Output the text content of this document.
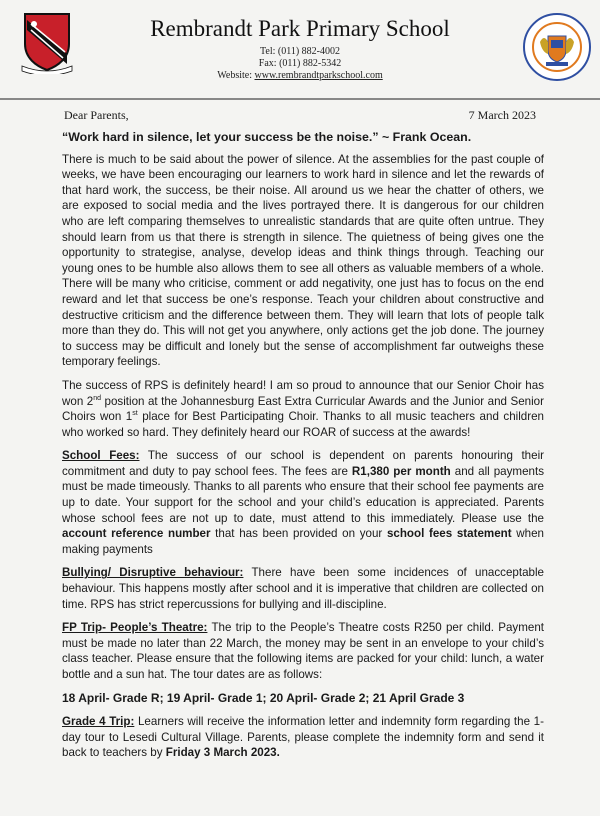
Rembrandt Park Primary School
Tel: (011) 882-4002
Fax: (011) 882-5342
Website: www.rembrandtparkschool.com
Dear Parents,	7 March 2023

“Work hard in silence, let your success be the noise.” ~ Frank Ocean.

There is much to be said about the power of silence. At the assemblies for the past couple of weeks, we have been encouraging our learners to work hard in silence and let the rewards of that hard work, the success, be their noise. All around us we hear the chatter of others, we are exposed to social media and the lives portrayed there. It is dangerous for our children who are left comparing themselves to unrealistic standards that are quite often untrue. They should learn from us that there is strength in silence. The quietness of being gives one the opportunity to strategise, analyse, develop ideas and think things through. Teaching our young ones to be humble also allows them to see all others as valuable members of a whole. There will be many who criticise, comment or add negativity, one just has to focus on the end reward and let that success be one’s response. Teach your children about constructive and destructive criticism and the difference between them. They will learn that lots of people talk more than they do. This will not get you anywhere, only actions get the job done. The journey to success may be difficult and lonely but the sense of accomplishment far outweighs these temporary feelings.

The success of RPS is definitely heard! I am so proud to announce that our Senior Choir has won 2nd position at the Johannesburg East Extra Curricular Awards and the Junior and Senior Choirs won 1st place for Best Participating Choir. Thanks to all music teachers and children who worked so hard. They definitely heard our ROAR of success at the awards!

School Fees: The success of our school is dependent on parents honouring their commitment and duty to pay school fees. The fees are R1,380 per month and all payments must be made timeously. Thanks to all parents who ensure that their school fee payments are up to date. Your support for the school and your child’s education is appreciated. Parents whose school fees are not up to date, must attend to this immediately. Please use the account reference number that has been provided on your school fees statement when making payments

Bullying/ Disruptive behaviour: There have been some incidences of unacceptable behaviour. This happens mostly after school and it is imperative that children are collected on time. RPS has strict repercussions for bullying and ill-discipline.

FP Trip- People’s Theatre: The trip to the People’s Theatre costs R250 per child. Payment must be made no later than 22 March, the money may be sent in an envelope to your child’s class teacher. Please ensure that the following items are packed for your child: lunch, a water bottle and a sun hat. The tour dates are as follows:

18 April- Grade R; 19 April- Grade 1; 20 April- Grade 2; 21 April Grade 3

Grade 4 Trip: Learners will receive the information letter and indemnity form regarding the 1- day tour to Lesedi Cultural Village. Parents, please complete the indemnity form and send it back to teachers by Friday 3 March 2023.
